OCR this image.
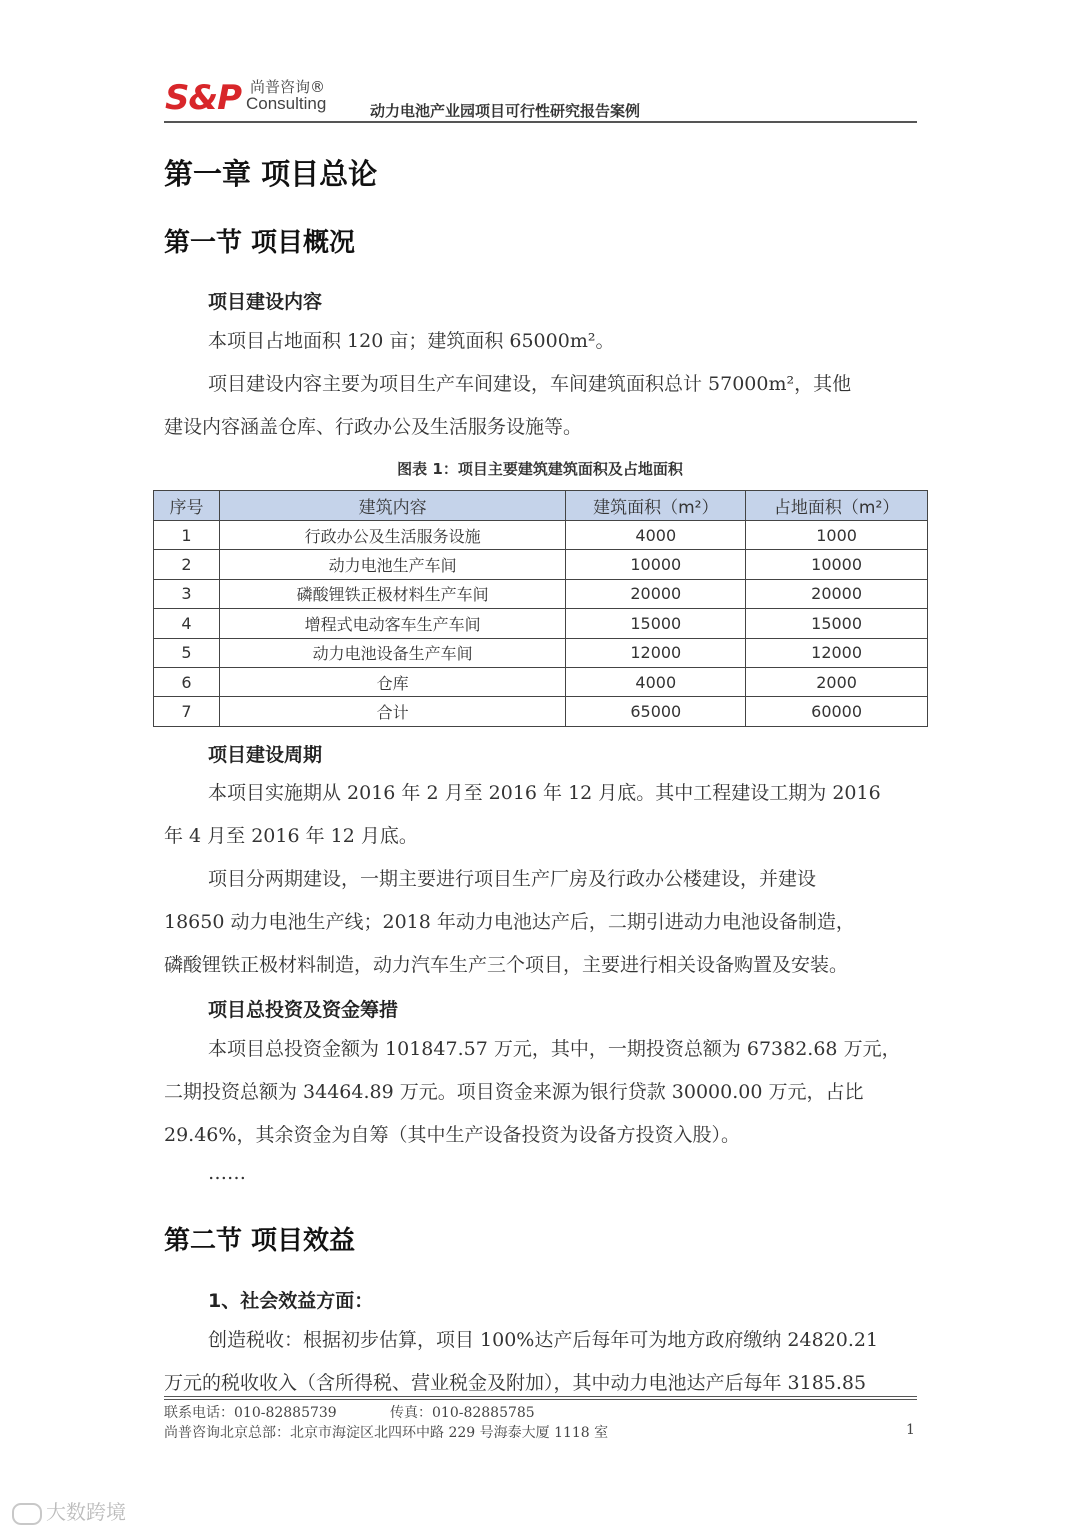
S&P 尚普咨询®
Consulting	动力电池产业园项目可行性研究报告案例
第一章 项目总论
第一节 项目概况
项目建设内容
本项目占地面积 120 亩；建筑面积 65000m²。
项目建设内容主要为项目生产车间建设，车间建筑面积总计 57000m²，其他
建设内容涵盖仓库、行政办公及生活服务设施等。
图表 1：项目主要建筑建筑面积及占地面积
序号	建筑内容	建筑面积（m²）	占地面积（m²）
1	行政办公及生活服务设施	4000	1000
2	动力电池生产车间	10000	10000
3	磷酸锂铁正极材料生产车间	20000	20000
4	增程式电动客车生产车间	15000	15000
5	动力电池设备生产车间	12000	12000
6	仓库	4000	2000
7	合计	65000	60000
项目建设周期
本项目实施期从 2016 年 2 月至 2016 年 12 月底。其中工程建设工期为 2016
年 4 月至 2016 年 12 月底。
项目分两期建设，一期主要进行项目生产厂房及行政办公楼建设，并建设
18650 动力电池生产线；2018 年动力电池达产后，二期引进动力电池设备制造，
磷酸锂铁正极材料制造，动力汽车生产三个项目，主要进行相关设备购置及安装。
项目总投资及资金筹措
本项目总投资金额为 101847.57 万元，其中，一期投资总额为 67382.68 万元，
二期投资总额为 34464.89 万元。项目资金来源为银行贷款 30000.00 万元，占比
29.46%，其余资金为自筹（其中生产设备投资为设备方投资入股）。
……
第二节 项目效益
1、社会效益方面：
创造税收：根据初步估算，项目 100%达产后每年可为地方政府缴纳 24820.21
万元的税收收入（含所得税、营业税金及附加），其中动力电池达产后每年 3185.85
联系电话：010-82885739	传真：010-82885785
尚普咨询北京总部：北京市海淀区北四环中路 229 号海泰大厦 1118 室	1
大数跨境
